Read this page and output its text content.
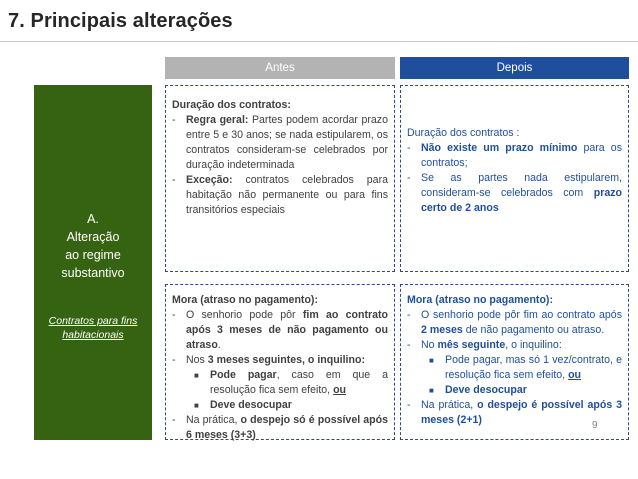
7. Principais alterações
Antes	Depois
A.
Alteração
ao regime
substantivo
Contratos para fins
habitacionais
Duração dos contratos:
- Regra geral: Partes podem acordar prazo entre 5 e 30 anos; se nada estipularem, os contratos consideram-se celebrados por duração indeterminada
- Exceção: contratos celebrados para habitação não permanente ou para fins transitórios especiais
Duração dos contratos :
- Não existe um prazo mínimo para os contratos;
- Se as partes nada estipularem, consideram-se celebrados com prazo certo de 2 anos
Mora (atraso no pagamento):
- O senhorio pode pôr fim ao contrato após 3 meses de não pagamento ou atraso.
- Nos 3 meses seguintes, o inquilino:
■	Pode pagar, caso em que a resolução fica sem efeito, ou
■	Deve desocupar
- Na prática, o despejo só é possível após 6 meses (3+3)
Mora (atraso no pagamento):
- O senhorio pode pôr fim ao contrato após 2 meses de não pagamento ou atraso.
- No mês seguinte, o inquilino:
■	Pode pagar, mas só 1 vez/contrato, e resolução fica sem efeito, ou
■	Deve desocupar
- Na prática, o despejo é possível após 3 meses (2+1)	9
